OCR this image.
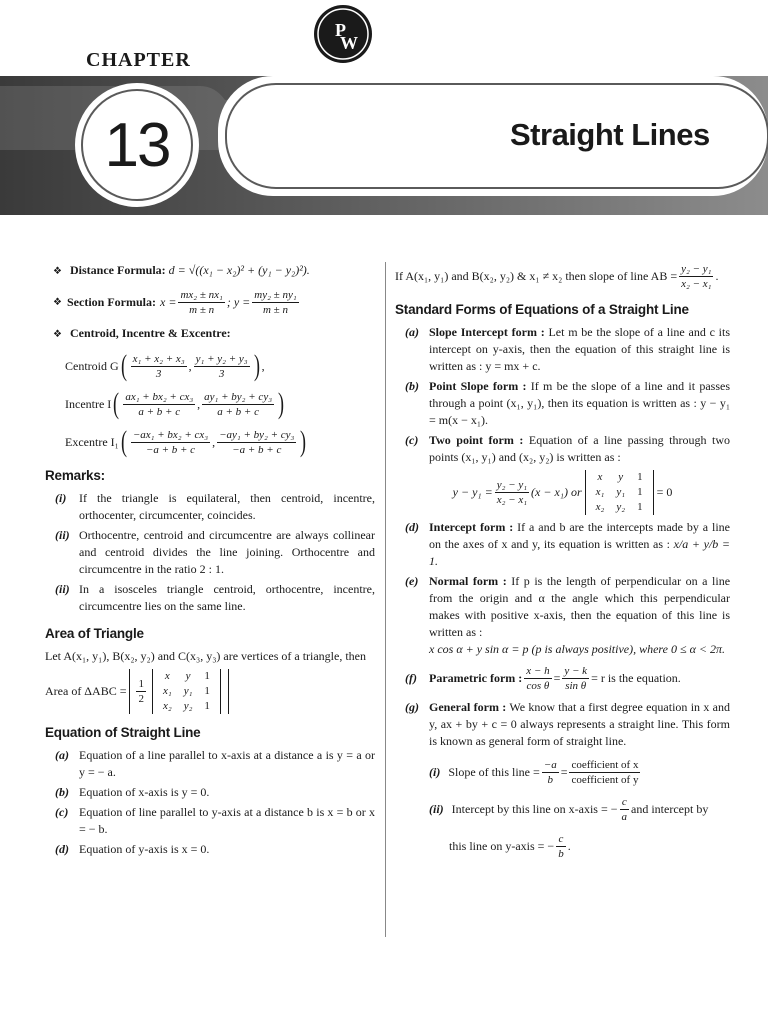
P
W
CHAPTER
13	Straight Lines
❖ Distance Formula: d = √((x₁ − x₂)² + (y₁ − y₂)²).
❖ Section Formula: $x = \frac{\text{mx₂ ± nx₁}}{m \pm n}$ ; $y = \frac{\text{my₂ ± ny₁}}{m \pm n}$
❖ Centroid, Incentre & Excentre:
Centroid G ( $\frac{\text{x₁ + x₂ + x₃}}{3}$ , $\frac{\text{y₁ + y₂ + y₃}}{3}$ ) ,
Incentre I ( $\frac{\text{ax₁ + bx₂ + cx₃}}{a + b + c}$ , $\frac{\text{ay₁ + by₂ + cy₃}}{a + b + c}$ )
Excentre I₁ ( $\frac{\text{−ax₁ + bx₂ + cx₃}}{-a + b + c}$ , $\frac{\text{−ay₁ + by₂ + cy₃}}{-a + b + c}$ )
Remarks:
(i)	If the triangle is equilateral, then centroid, incentre, orthocenter, circumcenter, coincides.
(ii) Orthocentre, centroid and circumcentre are always collinear and centroid divides the line joining. Orthocentre and circumcentre in the ratio 2 : 1.
(ii) In a isosceles triangle centroid, orthocentre, incentre, circumcentre lies on the same line.
Area of Triangle
Let A(x₁, y₁), B(x₂, y₂) and C(x₃, y₃) are vertices of a triangle, then
Area of $\Delta ABC = \frac{1}{2}$
x	y	1
x₁	y₁	1
x₂	y₂	1
Equation of Straight Line
(a) Equation of a line parallel to x-axis at a distance a is y = a or y = − a.
(b) Equation of x-axis is y = 0.
(c) Equation of line parallel to y-axis at a distance b is x = b or x = − b.
(d) Equation of y-axis is x = 0.
If A(x₁, y₁) and B(x₂, y₂) & x₁ ≠ x₂ then slope of line AB = $\frac{\text{y₂ − y₁}}{\text{x₂ − x₁}}$ .
Standard Forms of Equations of a Straight Line
(a) Slope Intercept form : Let m be the slope of a line and c its intercept on y-axis, then the equation of this straight line is written as : y = mx + c.
(b) Point Slope form : If m be the slope of a line and it passes through a point (x₁, y₁), then its equation is written as : y − y₁ = m(x − x₁).
(c) Two point form : Equation of a line passing through two points (x₁, y₁) and (x₂, y₂) is written as :
$y - y_1 = \frac{\text{y₂ − y₁}}{\text{x₂ − x₁}} (x - x_1)$ or
x	y	1
x₁	y₁	1
x₂	y₂	1
= 0
(d) Intercept form : If a and b are the intercepts made by a line on the axes of x and y, its equation is written as : x/a + y/b = 1.
(e) Normal form : If p is the length of perpendicular on a line from the origin and α the angle which this perpendicular makes with positive x-axis, then the equation of this line is written as :
x cos α + y sin α = p (p is always positive), where 0 ≤ α < 2π.
(f)	Parametric form : $\frac{x - h}{\text{cos θ}} = \frac{y - k}{\text{sin θ}} = r$ is the equation.
(g) General form : We know that a first degree equation in x and y, ax + by + c = 0 always represents a straight line. This form is known as general form of straight line.
(i) Slope of this line = $\frac{-a}{b} = \frac{\text{coefficient of x}}{\text{coefficient of y}}$
(ii) Intercept by this line on x-axis = − $\frac{c}{a}$ and intercept by
this line on y-axis = − $\frac{c}{b}$ .
